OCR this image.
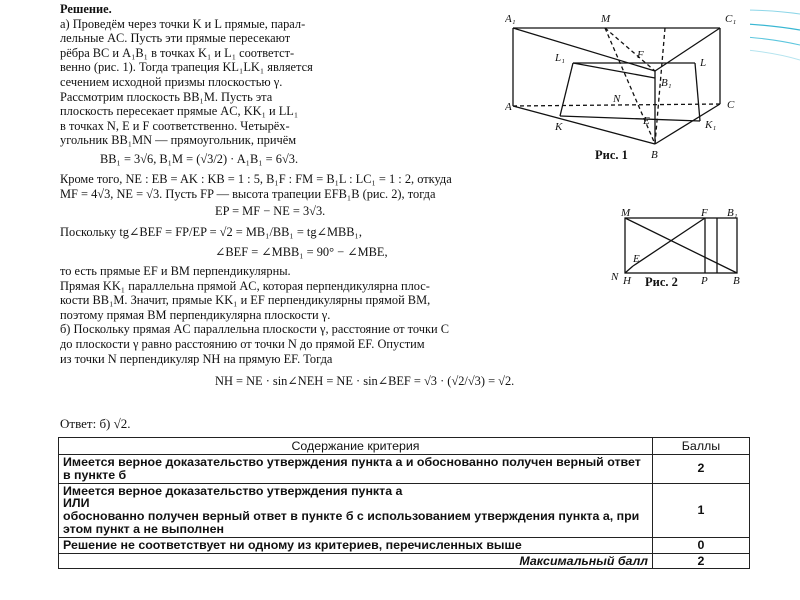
Решение.

а) Проведём через точки K и L прямые, парал-

лельные AC. Пусть эти прямые пересекают

рёбра BC и A₁B₁ в точках K₁ и L₁ соответст-

венно (рис. 1). Тогда трапеция KL₁LK₁ является

сечением исходной призмы плоскостью γ.

Рассмотрим плоскость BB₁M. Пусть эта

плоскость пересекает прямые AC, KK₁ и LL₁

в точках N, E и F соответственно. Четырёх-

угольник BB₁MN — прямоугольник, причём

BB₁ = 3√6, B₁M = (√3/2) · A₁B₁ = 6√3.

Кроме того, NE : EB = AK : KB = 1 : 5, B₁F : FM = B₁L : LC₁ = 1 : 2, откуда

MF = 4√3, NE = √3. Пусть FP — высота трапеции EFB₁B (рис. 2), тогда

EP = MF − NE = 3√3.

Поскольку tg∠BEF = FP/EP = √2 = MB₁/BB₁ = tg∠MBB₁,

∠BEF = ∠MBB₁ = 90° − ∠MBE,

то есть прямые EF и BM перпендикулярны.

Прямая KK₁ параллельна прямой AC, которая перпендикулярна плос-

кости BB₁M. Значит, прямые KK₁ и EF перпендикулярны прямой BM,

поэтому прямая BM перпендикулярна плоскости γ.

б) Поскольку прямая AC параллельна плоскости γ, расстояние от точки C

до плоскости γ равно расстоянию от точки N до прямой EF. Опустим

из точки N перпендикуляр NH на прямую EF. Тогда

NH = NE · sin∠NEH = NE · sin∠BEF = √3 · (√2/√3) = √2.

Ответ: б) √2.
A₁	M	C₁
L₁	F
B₁
L
A
N
E
C
K	K₁
B
Рис. 1
M	F B₁
E
N H	P B
Рис. 2
Содержание критерия	Баллы
Имеется верное доказательство утверждения пункта а и обоснованно получен верный ответ в пункте б	2
Имеется верное доказательство утверждения пункта а
ИЛИ
обоснованно получен верный ответ в пункте б с использованием утверждения пункта а, при этом пункт а не выполнен	1
Решение не соответствует ни одному из критериев, перечисленных выше	0
Максимальный балл	2
